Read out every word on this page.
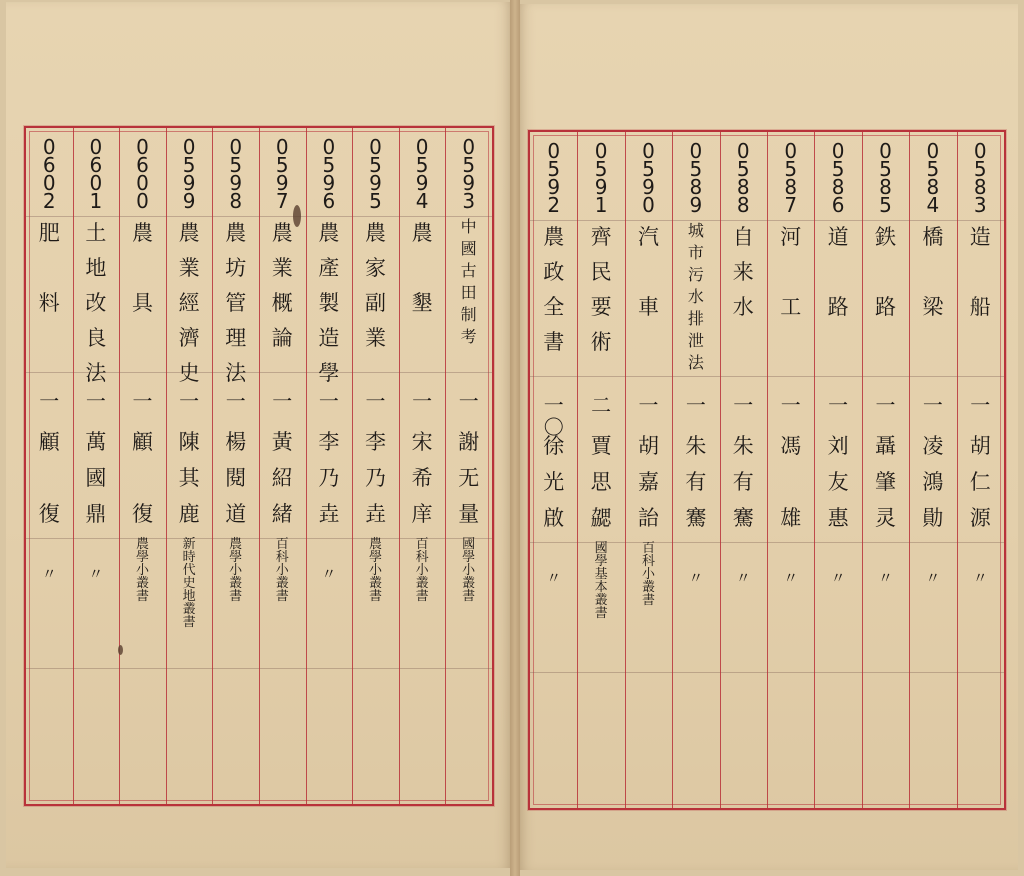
0
5
9
3
中
國
古
田
制
考
一
謝
无
量
國
學
小
叢
書
0
5
9
4
農

墾
一
宋
希
庠
百
科
小
叢
書
0
5
9
5
農
家
副
業
一
李
乃
垚
農
學
小
叢
書
0
5
9
6
農
產
製
造
學
一
李
乃
垚
〃
0
5
9
7
農
業
概
論
一
黃
紹
緒
百
科
小
叢
書
0
5
9
8
農
坊
管
理
法
一
楊
閱
道
農
學
小
叢
書
0
5
9
9
農
業
經
濟
史
一
陳
其
鹿
新
時
代
史
地
叢
書
0
6
0
0
農

具
一
顧

復
農
學
小
叢
書
0
6
0
1
土
地
改
良
法
一
萬
國
鼎
〃
0
6
0
2
肥

料
一
顧

復
〃
0
5
8
3
造

船
一
胡
仁
源
〃
0
5
8
4
橋

梁
一
凌
鴻
勛
〃
0
5
8
5
鉄

路
一
聶
肇
灵
〃
0
5
8
6
道

路
一
刘
友
惠
〃
0
5
8
7
河

工
一
馮

雄
〃
0
5
8
8
自
来
水
一
朱
有
騫
〃
0
5
8
9
城
市
污
水
排
泄
法
一
朱
有
騫
〃
0
5
9
0
汽

車
一
胡
嘉
詒
百
科
小
叢
書
0
5
9
1
齊
民
要
術
二
賈
思
勰
國
學
基
本
叢
書
0
5
9
2
農
政
全
書
一
〇
徐
光
啟
〃
